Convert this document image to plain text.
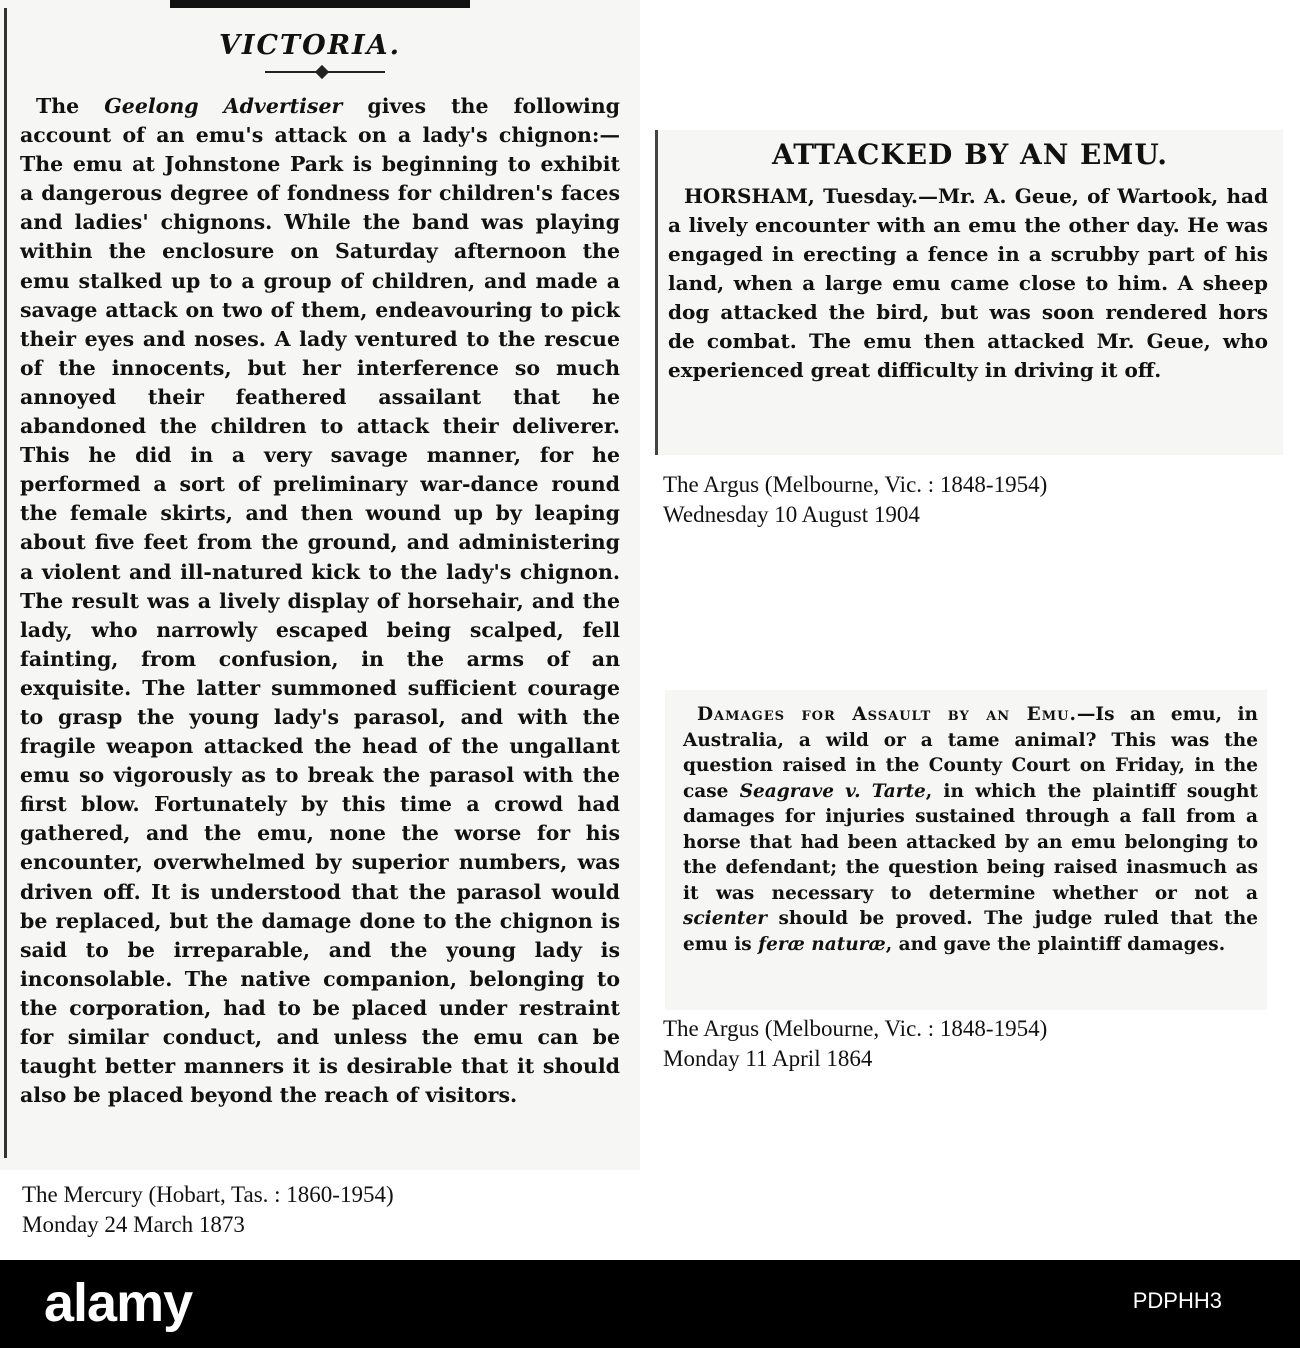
VICTORIA.
The Geelong Advertiser gives the following account of an emu's attack on a lady's chignon:— The emu at Johnstone Park is beginning to exhibit a dangerous degree of fondness for children's faces and ladies' chignons. While the band was playing within the enclosure on Saturday afternoon the emu stalked up to a group of children, and made a savage attack on two of them, endeavouring to pick their eyes and noses. A lady ventured to the rescue of the innocents, but her interference so much annoyed their feathered assailant that he abandoned the children to attack their deliverer. This he did in a very savage manner, for he performed a sort of preliminary war-dance round the female skirts, and then wound up by leaping about five feet from the ground, and administering a violent and ill-natured kick to the lady's chignon. The result was a lively display of horsehair, and the lady, who narrowly escaped being scalped, fell fainting, from confusion, in the arms of an exquisite. The latter summoned sufficient courage to grasp the young lady's parasol, and with the fragile weapon attacked the head of the ungallant emu so vigorously as to break the parasol with the first blow. Fortunately by this time a crowd had gathered, and the emu, none the worse for his encounter, overwhelmed by superior numbers, was driven off. It is understood that the parasol would be replaced, but the damage done to the chignon is said to be irreparable, and the young lady is inconsolable. The native companion, belonging to the corporation, had to be placed under restraint for similar conduct, and unless the emu can be taught better manners it is desirable that it should also be placed beyond the reach of visitors.
The Mercury (Hobart, Tas. : 1860-1954)
Monday 24 March 1873
ATTACKED BY AN EMU.
HORSHAM, Tuesday.—Mr. A. Geue, of Wartook, had a lively encounter with an emu the other day. He was engaged in erecting a fence in a scrubby part of his land, when a large emu came close to him. A sheep dog attacked the bird, but was soon rendered hors de combat. The emu then attacked Mr. Geue, who experienced great difficulty in driving it off.
The Argus (Melbourne, Vic. : 1848-1954)
Wednesday 10 August 1904
Damages for Assault by an Emu.—Is an emu, in Australia, a wild or a tame animal? This was the question raised in the County Court on Friday, in the case Seagrave v. Tarte, in which the plaintiff sought damages for injuries sustained through a fall from a horse that had been attacked by an emu belonging to the defendant; the question being raised inasmuch as it was necessary to determine whether or not a scienter should be proved. The judge ruled that the emu is feræ naturæ, and gave the plaintiff damages.
The Argus (Melbourne, Vic. : 1848-1954)
Monday 11 April 1864
alamy	PDPHH3
